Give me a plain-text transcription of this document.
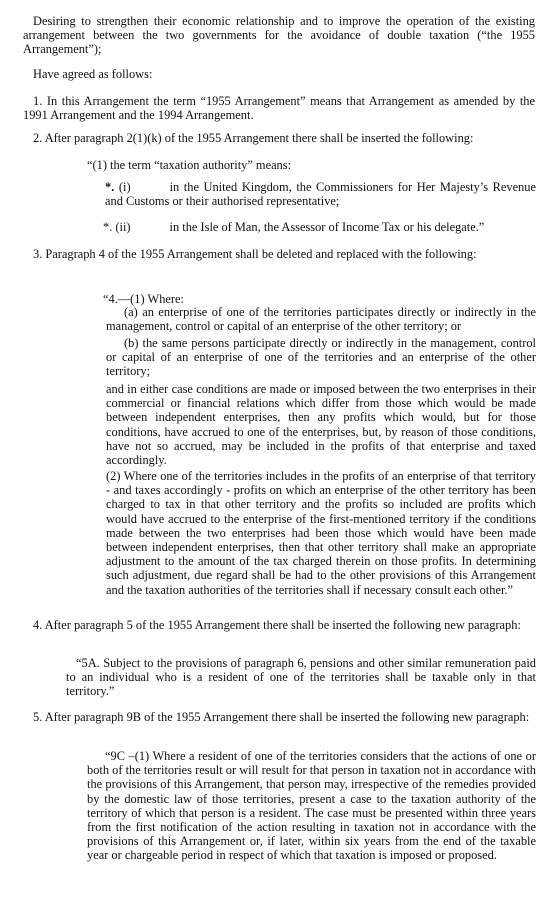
Desiring to strengthen their economic relationship and to improve the operation of the existing arrangement between the two governments for the avoidance of double taxation (“the 1955 Arrangement”);

Have agreed as follows:

1. In this Arrangement the term “1955 Arrangement” means that Arrangement as amended by the 1991 Arrangement and the 1994 Arrangement.

2. After paragraph 2(1)(k) of the 1955 Arrangement there shall be inserted the following:

“(1) the term “taxation authority” means:

*. (i)	in the United Kingdom, the Commissioners for Her Majesty’s Revenue and Customs or their authorised representative;

*. (ii)	in the Isle of Man, the Assessor of Income Tax or his delegate.”

3. Paragraph 4 of the 1955 Arrangement shall be deleted and replaced with the following:

“4.—(1) Where:

(a) an enterprise of one of the territories participates directly or indirectly in the management, control or capital of an enterprise of the other territory; or

(b) the same persons participate directly or indirectly in the management, control or capital of an enterprise of one of the territories and an enterprise of the other territory;

and in either case conditions are made or imposed between the two enterprises in their commercial or financial relations which differ from those which would be made between independent enterprises, then any profits which would, but for those conditions, have accrued to one of the enterprises, but, by reason of those conditions, have not so accrued, may be included in the profits of that enterprise and taxed accordingly.

(2) Where one of the territories includes in the profits of an enterprise of that territory - and taxes accordingly - profits on which an enterprise of the other territory has been charged to tax in that other territory and the profits so included are profits which would have accrued to the enterprise of the first-mentioned territory if the conditions made between the two enterprises had been those which would have been made between independent enterprises, then that other territory shall make an appropriate adjustment to the amount of the tax charged therein on those profits. In determining such adjustment, due regard shall be had to the other provisions of this Arrangement and the taxation authorities of the territories shall if necessary consult each other.”

4. After paragraph 5 of the 1955 Arrangement there shall be inserted the following new paragraph:

“5A. Subject to the provisions of paragraph 6, pensions and other similar remuneration paid to an individual who is a resident of one of the territories shall be taxable only in that territory.”

5. After paragraph 9B of the 1955 Arrangement there shall be inserted the following new paragraph:

“9C –(1) Where a resident of one of the territories considers that the actions of one or both of the territories result or will result for that person in taxation not in accordance with the provisions of this Arrangement, that person may, irrespective of the remedies provided by the domestic law of those territories, present a case to the taxation authority of the territory of which that person is a resident. The case must be presented within three years from the first notification of the action resulting in taxation not in accordance with the provisions of this Arrangement or, if later, within six years from the end of the taxable year or chargeable period in respect of which that taxation is imposed or proposed.
